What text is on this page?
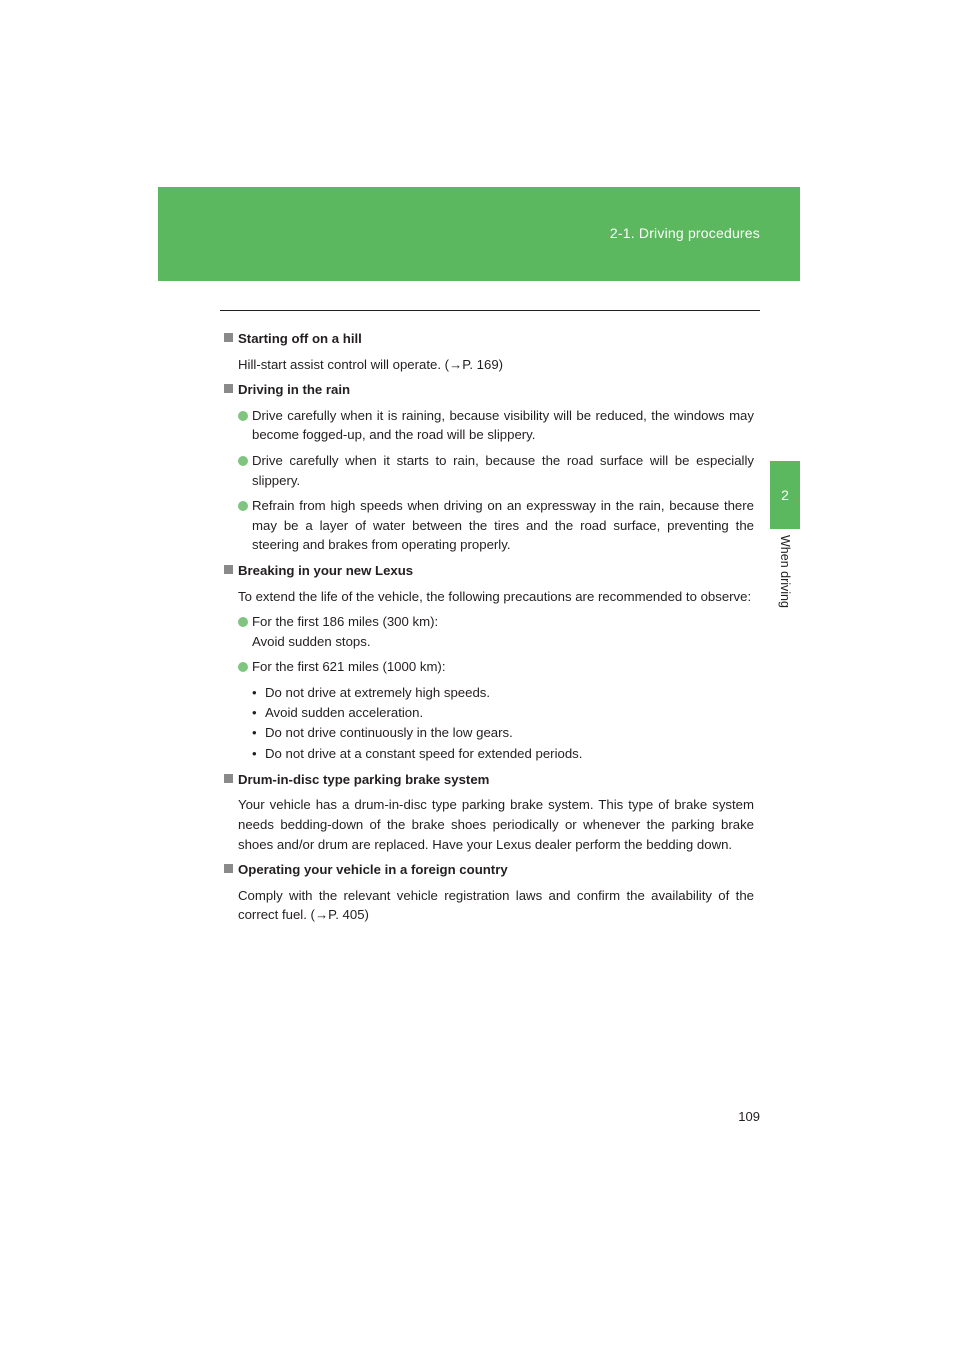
2-1. Driving procedures
2
When driving
Starting off on a hill
Hill-start assist control will operate. (→P. 169)
Driving in the rain
Drive carefully when it is raining, because visibility will be reduced, the windows may become fogged-up, and the road will be slippery.
Drive carefully when it starts to rain, because the road surface will be especially slippery.
Refrain from high speeds when driving on an expressway in the rain, because there may be a layer of water between the tires and the road surface, preventing the steering and brakes from operating properly.
Breaking in your new Lexus
To extend the life of the vehicle, the following precautions are recommended to observe:
For the first 186 miles (300 km):
Avoid sudden stops.
For the first 621 miles (1000 km):
• Do not drive at extremely high speeds.
• Avoid sudden acceleration.
• Do not drive continuously in the low gears.
• Do not drive at a constant speed for extended periods.
Drum-in-disc type parking brake system
Your vehicle has a drum-in-disc type parking brake system. This type of brake system needs bedding-down of the brake shoes periodically or whenever the parking brake shoes and/or drum are replaced. Have your Lexus dealer perform the bedding down.
Operating your vehicle in a foreign country
Comply with the relevant vehicle registration laws and confirm the availability of the correct fuel. (→P. 405)
109
